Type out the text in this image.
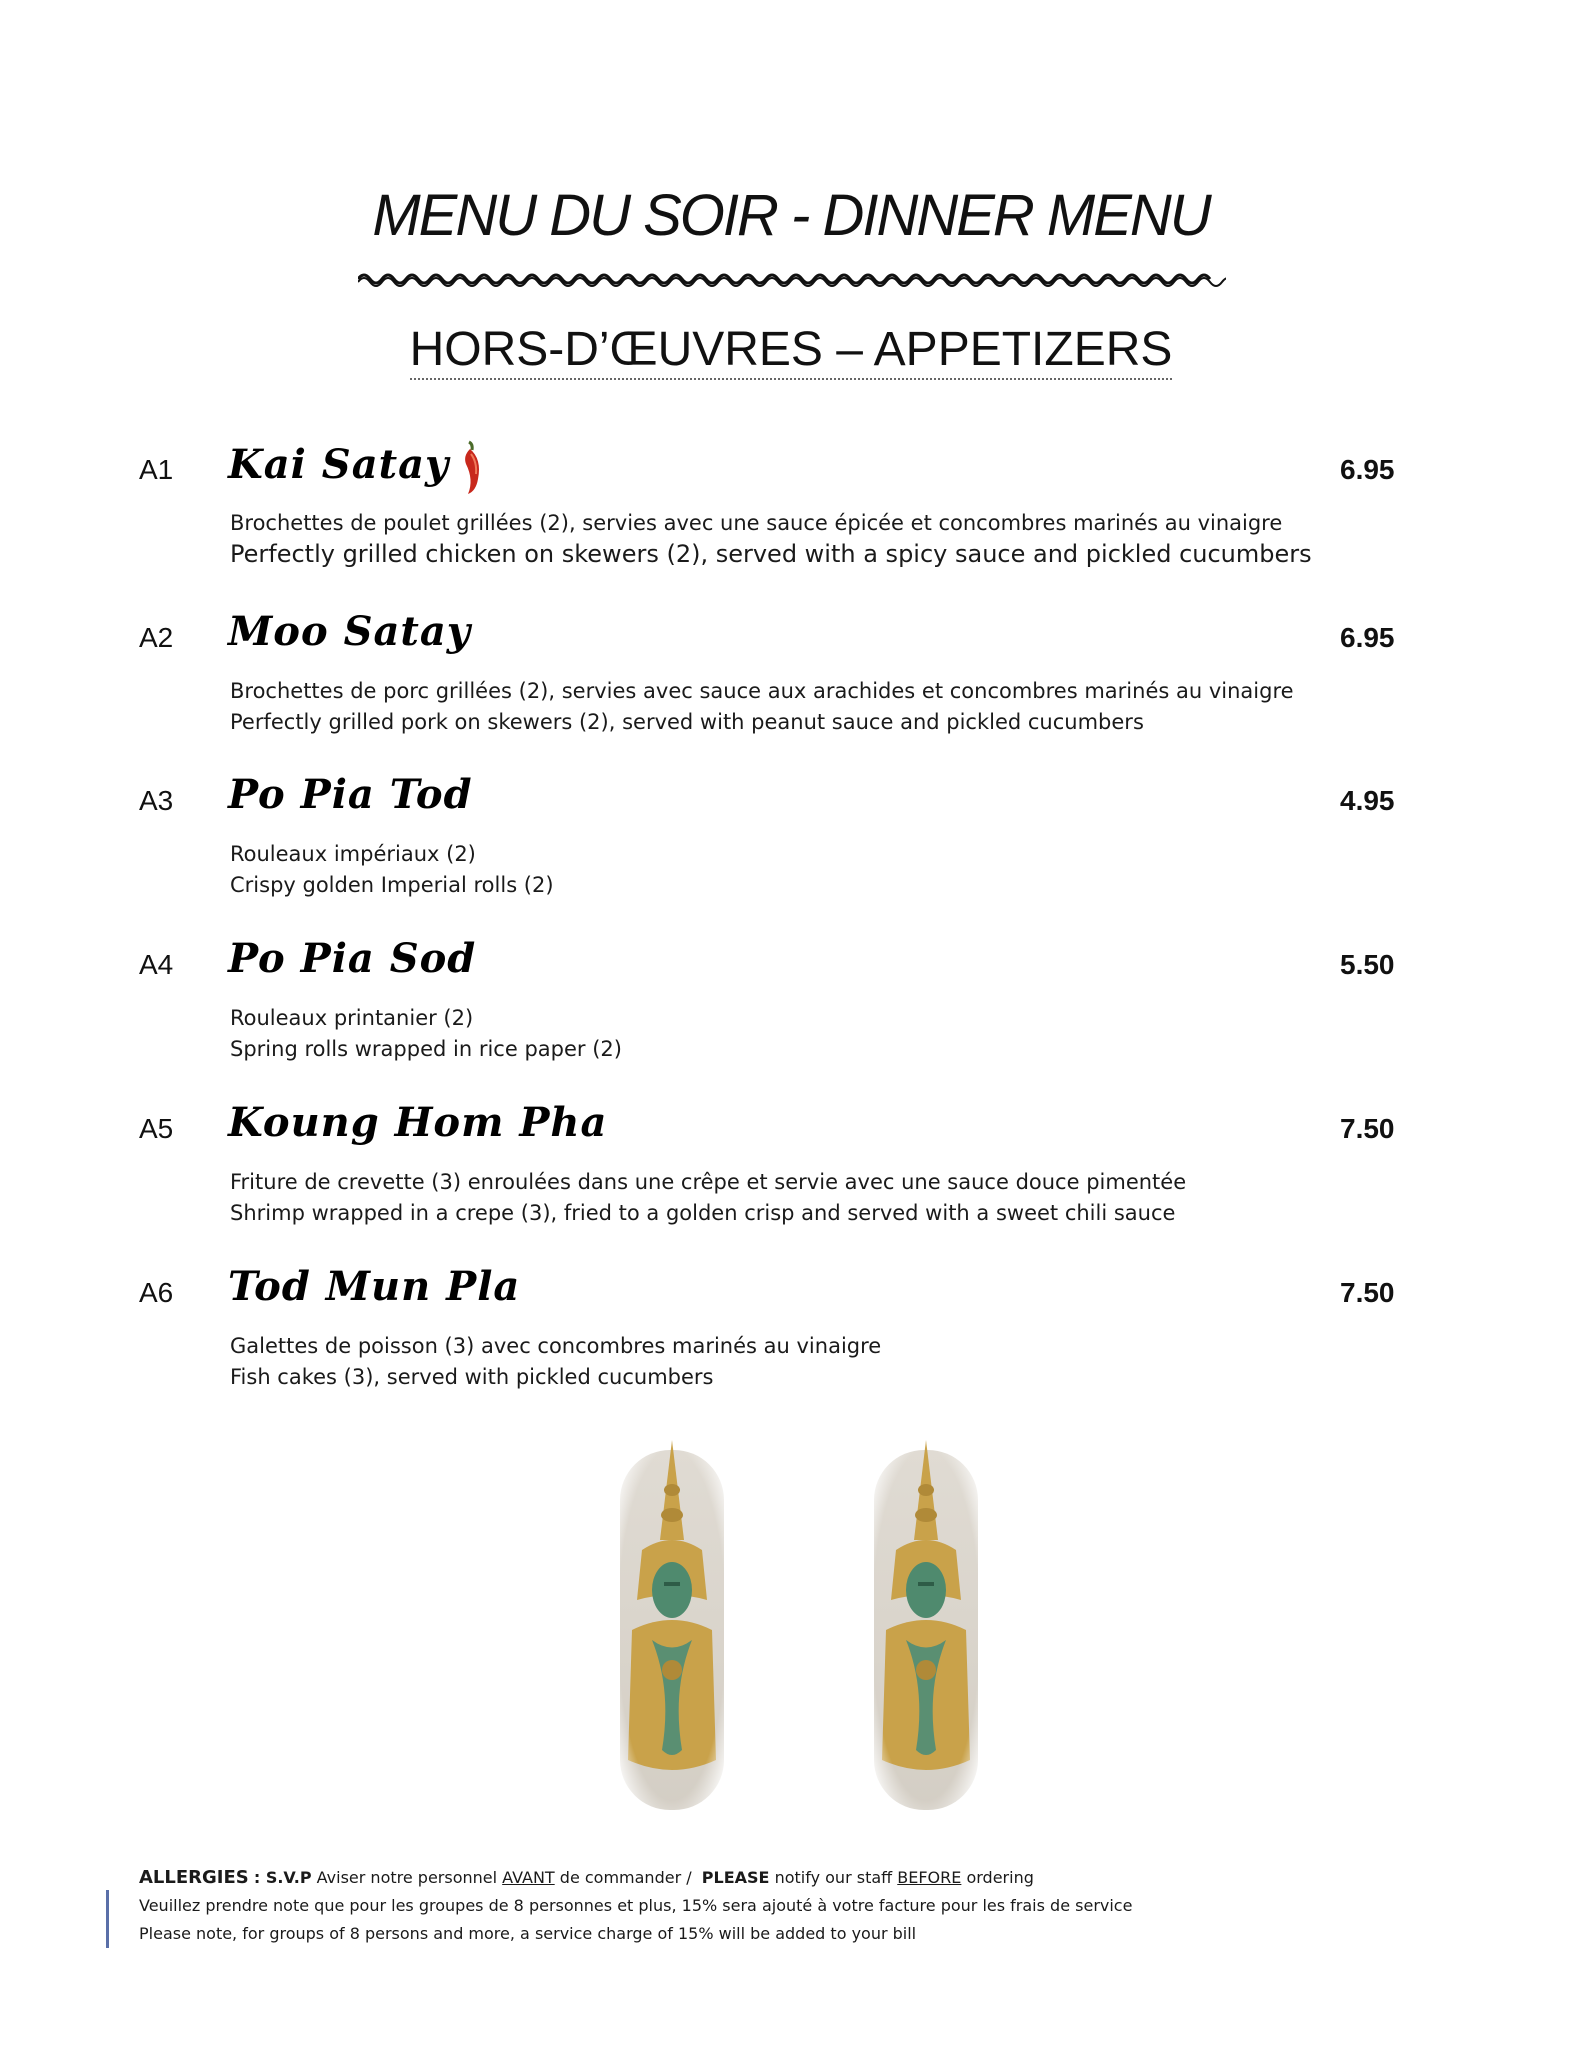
MENU DU SOIR - DINNER MENU
HORS-D’ŒUVRES – APPETIZERS
A1 Kai Satay	6.95
Brochettes de poulet grillées (2), servies avec une sauce épicée et concombres marinés au vinaigre
Perfectly grilled chicken on skewers (2), served with a spicy sauce and pickled cucumbers
A2 Moo Satay	6.95
Brochettes de porc grillées (2), servies avec sauce aux arachides et concombres marinés au vinaigre
Perfectly grilled pork on skewers (2), served with peanut sauce and pickled cucumbers
A3 Po Pia Tod	4.95
Rouleaux impériaux (2)
Crispy golden Imperial rolls (2)
A4 Po Pia Sod	5.50
Rouleaux printanier (2)
Spring rolls wrapped in rice paper (2)
A5 Koung Hom Pha	7.50
Friture de crevette (3) enroulées dans une crêpe et servie avec une sauce douce pimentée
Shrimp wrapped in a crepe (3), fried to a golden crisp and served with a sweet chili sauce
A6 Tod Mun Pla	7.50
Galettes de poisson (3) avec concombres marinés au vinaigre
Fish cakes (3), served with pickled cucumbers
ALLERGIES : S.V.P Aviser notre personnel AVANT de commander / PLEASE notify our staff BEFORE ordering
Veuillez prendre note que pour les groupes de 8 personnes et plus, 15% sera ajouté à votre facture pour les frais de service
Please note, for groups of 8 persons and more, a service charge of 15% will be added to your bill
